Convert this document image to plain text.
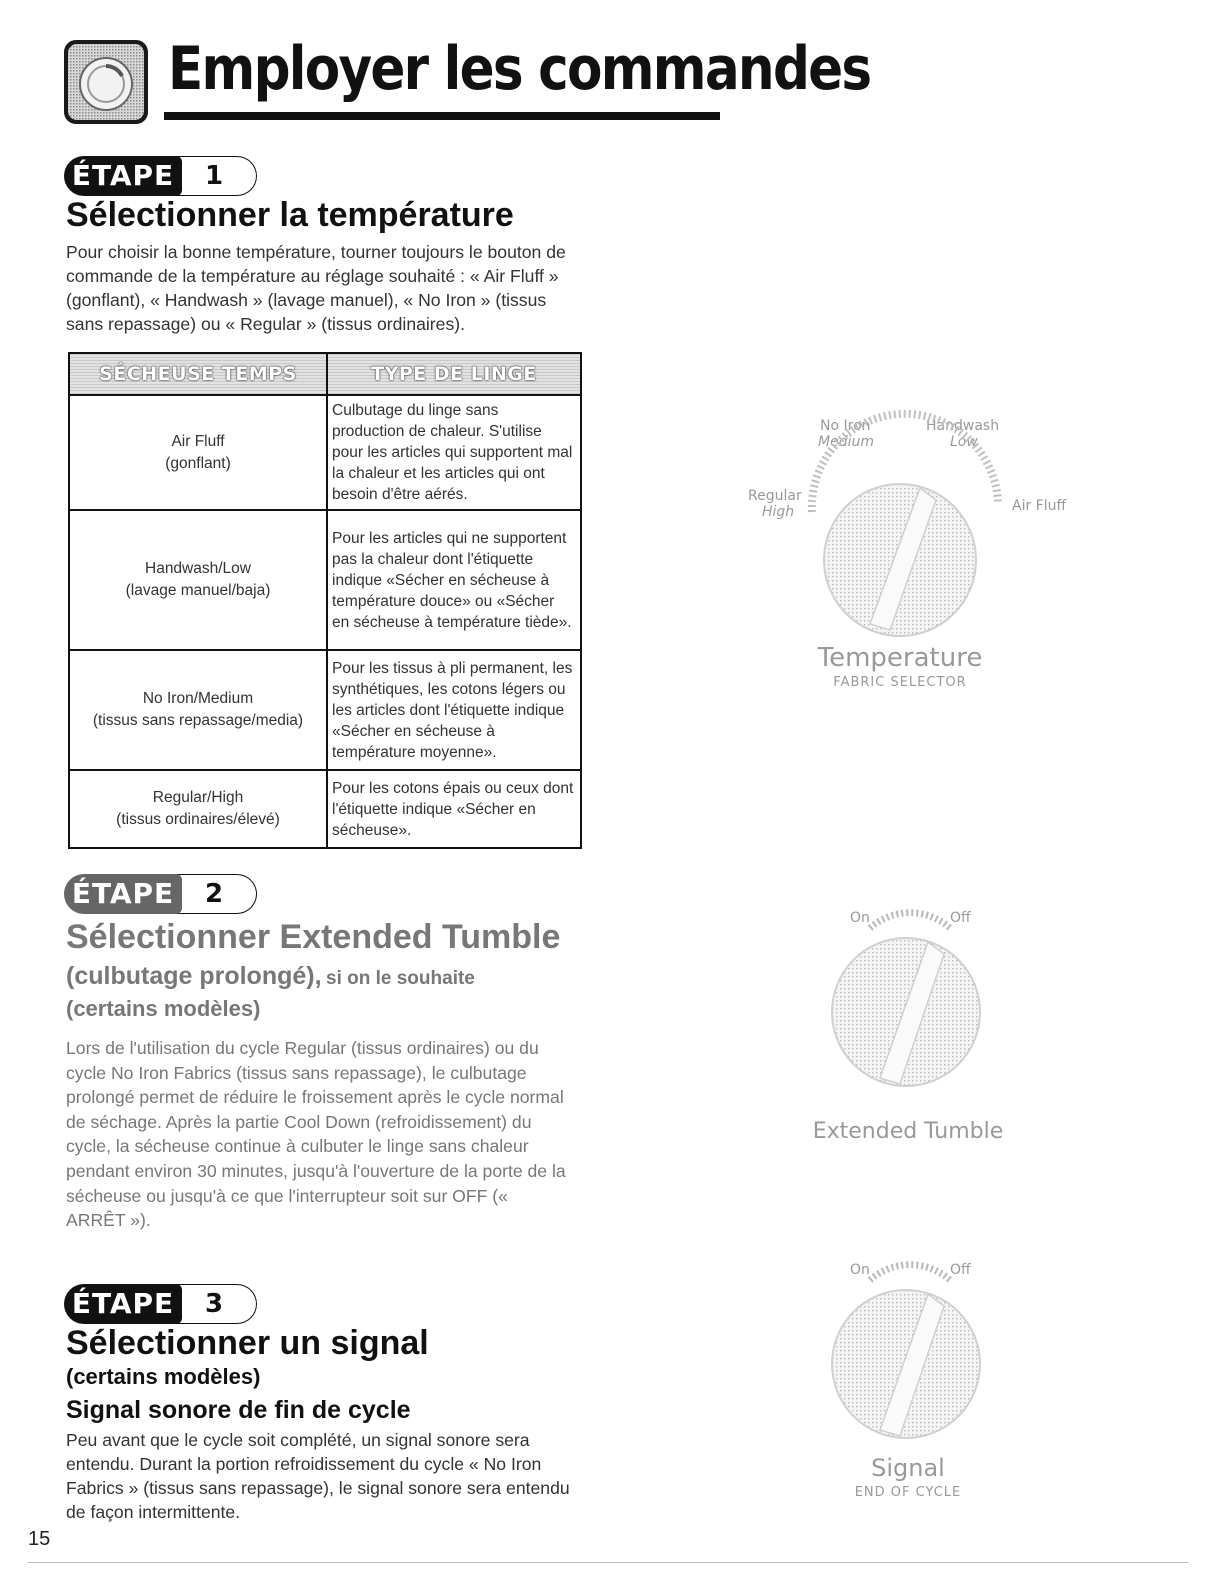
Employer les commandes
1
ÉTAPE
Sélectionner la température

Pour choisir la bonne température, tourner toujours le bouton de commande de la température au réglage souhaité : « Air Fluff » (gonflant), « Handwash » (lavage manuel), « No Iron » (tissus sans repassage) ou « Regular » (tissus ordinaires).

SÉCHEUSE TEMPS	TYPE DE LINGE

Air Fluff
(gonflant)	Culbutage du linge sans production de chaleur. S'utilise pour les articles qui supportent mal la chaleur et les articles qui ont besoin d'être aérés.

Handwash/Low
(lavage manuel/baja)	Pour les articles qui ne supportent pas la chaleur dont l'étiquette indique «Sécher en sécheuse à température douce» ou «Sécher en sécheuse à température tiède».

No Iron/Medium
(tissus sans repassage/media)	Pour les tissus à pli permanent, les synthétiques, les cotons légers ou les articles dont l'étiquette indique «Sécher en sécheuse à température moyenne».

Regular/High
(tissus ordinaires/élevé)	Pour les cotons épais ou ceux dont l'étiquette indique «Sécher en sécheuse».
No Iron
Medium
Handwash
Low
Regular
High	Air Fluff
Temperature
FABRIC SELECTOR
2
ÉTAPE
Sélectionner Extended Tumble
(culbutage prolongé), si on le souhaite
(certains modèles)

Lors de l'utilisation du cycle Regular (tissus ordinaires) ou du cycle No Iron Fabrics (tissus sans repassage), le culbutage prolongé permet de réduire le froissement après le cycle normal de séchage. Après la partie Cool Down (refroidissement) du cycle, la sécheuse continue à culbuter le linge sans chaleur pendant environ 30 minutes, jusqu'à l'ouverture de la porte de la sécheuse ou jusqu'à ce que l'interrupteur soit sur OFF (« ARRÊT »).

On	Off
Extended Tumble
3
ÉTAPE
Sélectionner un signal
(certains modèles)
Signal sonore de fin de cycle

Peu avant que le cycle soit complété, un signal sonore sera entendu. Durant la portion refroidissement du cycle « No Iron Fabrics » (tissus sans repassage), le signal sonore sera entendu de façon intermittente.

On	Off
Signal
END OF CYCLE
15
